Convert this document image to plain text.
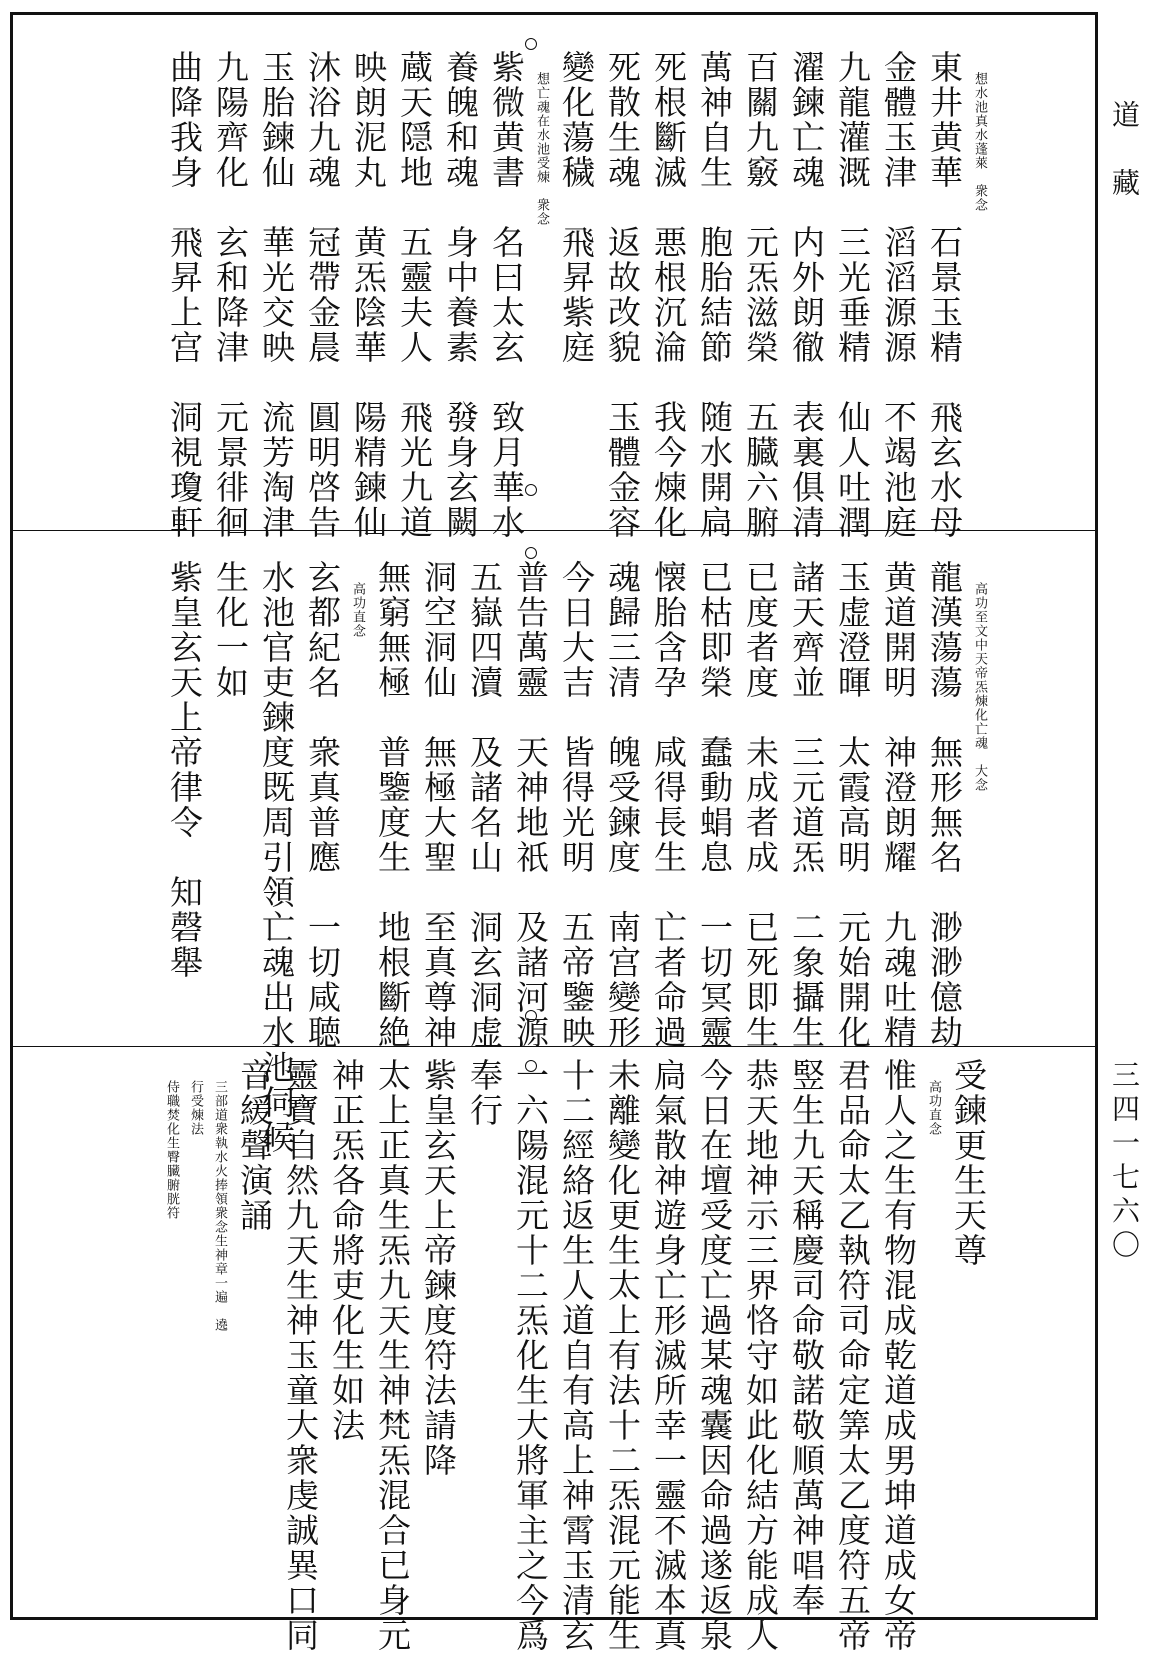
道　藏
三四一七六〇
想水池真水蓬萊　衆念
東井黄華　石景玉精　飛玄水母
金體玉津　滔滔源源　不竭池庭
九龍灌溉　三光垂精　仙人吐潤
濯鍊亡魂　内外朗徹　表裏俱清
百關九竅　元炁滋榮　五臓六腑
萬神自生　胞胎結節　随水開扃
死根斷滅　悪根沉淪　我今煉化
死散生魂　返故改貌　玉體金容
變化蕩穢　飛昇紫庭
想亡魂在水池受煉　衆念
紫微黄書　名曰太玄　致月華水
養魄和魂　身中養素　發身玄闕
蔵天隠地　五靈夫人　飛光九道
映朗泥丸　黄炁陰華　陽精鍊仙
沐浴九魂　冠帶金晨　圓明啓告
玉胎鍊仙　華光交映　流芳淘津
九陽齊化　玄和降津　元景徘徊
曲降我身　飛昇上宫　洞視瓊軒
高功至文中天帝炁煉化亡魂　大念
龍漢蕩蕩　無形無名　渺渺億劫
黄道開明　神澄朗耀　九魂吐精
玉虚澄暉　太霞高明　元始開化
諸天齊並　三元道炁　二象攝生
已度者度　未成者成　已死即生
已枯即榮　蠢動蜎息　一切冥靈
懐胎含孕　咸得長生　亡者命過
魂歸三清　魄受鍊度　南宫變形
今日大吉　皆得光明　五帝鑒映
普告萬靈　天神地祇　及諸河源
五嶽四瀆　及諸名山　洞玄洞虚
洞空洞仙　無極大聖　至真尊神
無窮無極　普鑒度生　地根斷絶
高功直念
玄都紀名　衆真普應　一切咸聴
水池官吏鍊度既周引領亡魂出水池伺候
生化一如
紫皇玄天上帝律令　知磬舉
受鍊更生天尊
高功直念
惟人之生有物混成乾道成男坤道成女帝
君品命太乙執符司命定筭太乙度符五帝
竪生九天稱慶司命敬諾敬順萬神唱奉
恭天地神示三界恪守如此化結方能成人
今日在壇受度亡過某魂囊因命過遂返泉
扃氣散神遊身亡形滅所幸一靈不滅本真
未離變化更生太上有法十二炁混元能生
十二經絡返生人道自有高上神霄玉清玄
一六陽混元十二炁化生大將軍主之今爲
奉行
紫皇玄天上帝鍊度符法請降
太上正真生炁九天生神梵炁混合已身元
神正炁各命將吏化生如法
靈寶自然九天生神玉童大衆虔誠異口同
音緩聲演誦
三部道衆執水火捧領衆念生神章一遍　遶
行受煉法
侍職焚化生臀臓腑胱符
